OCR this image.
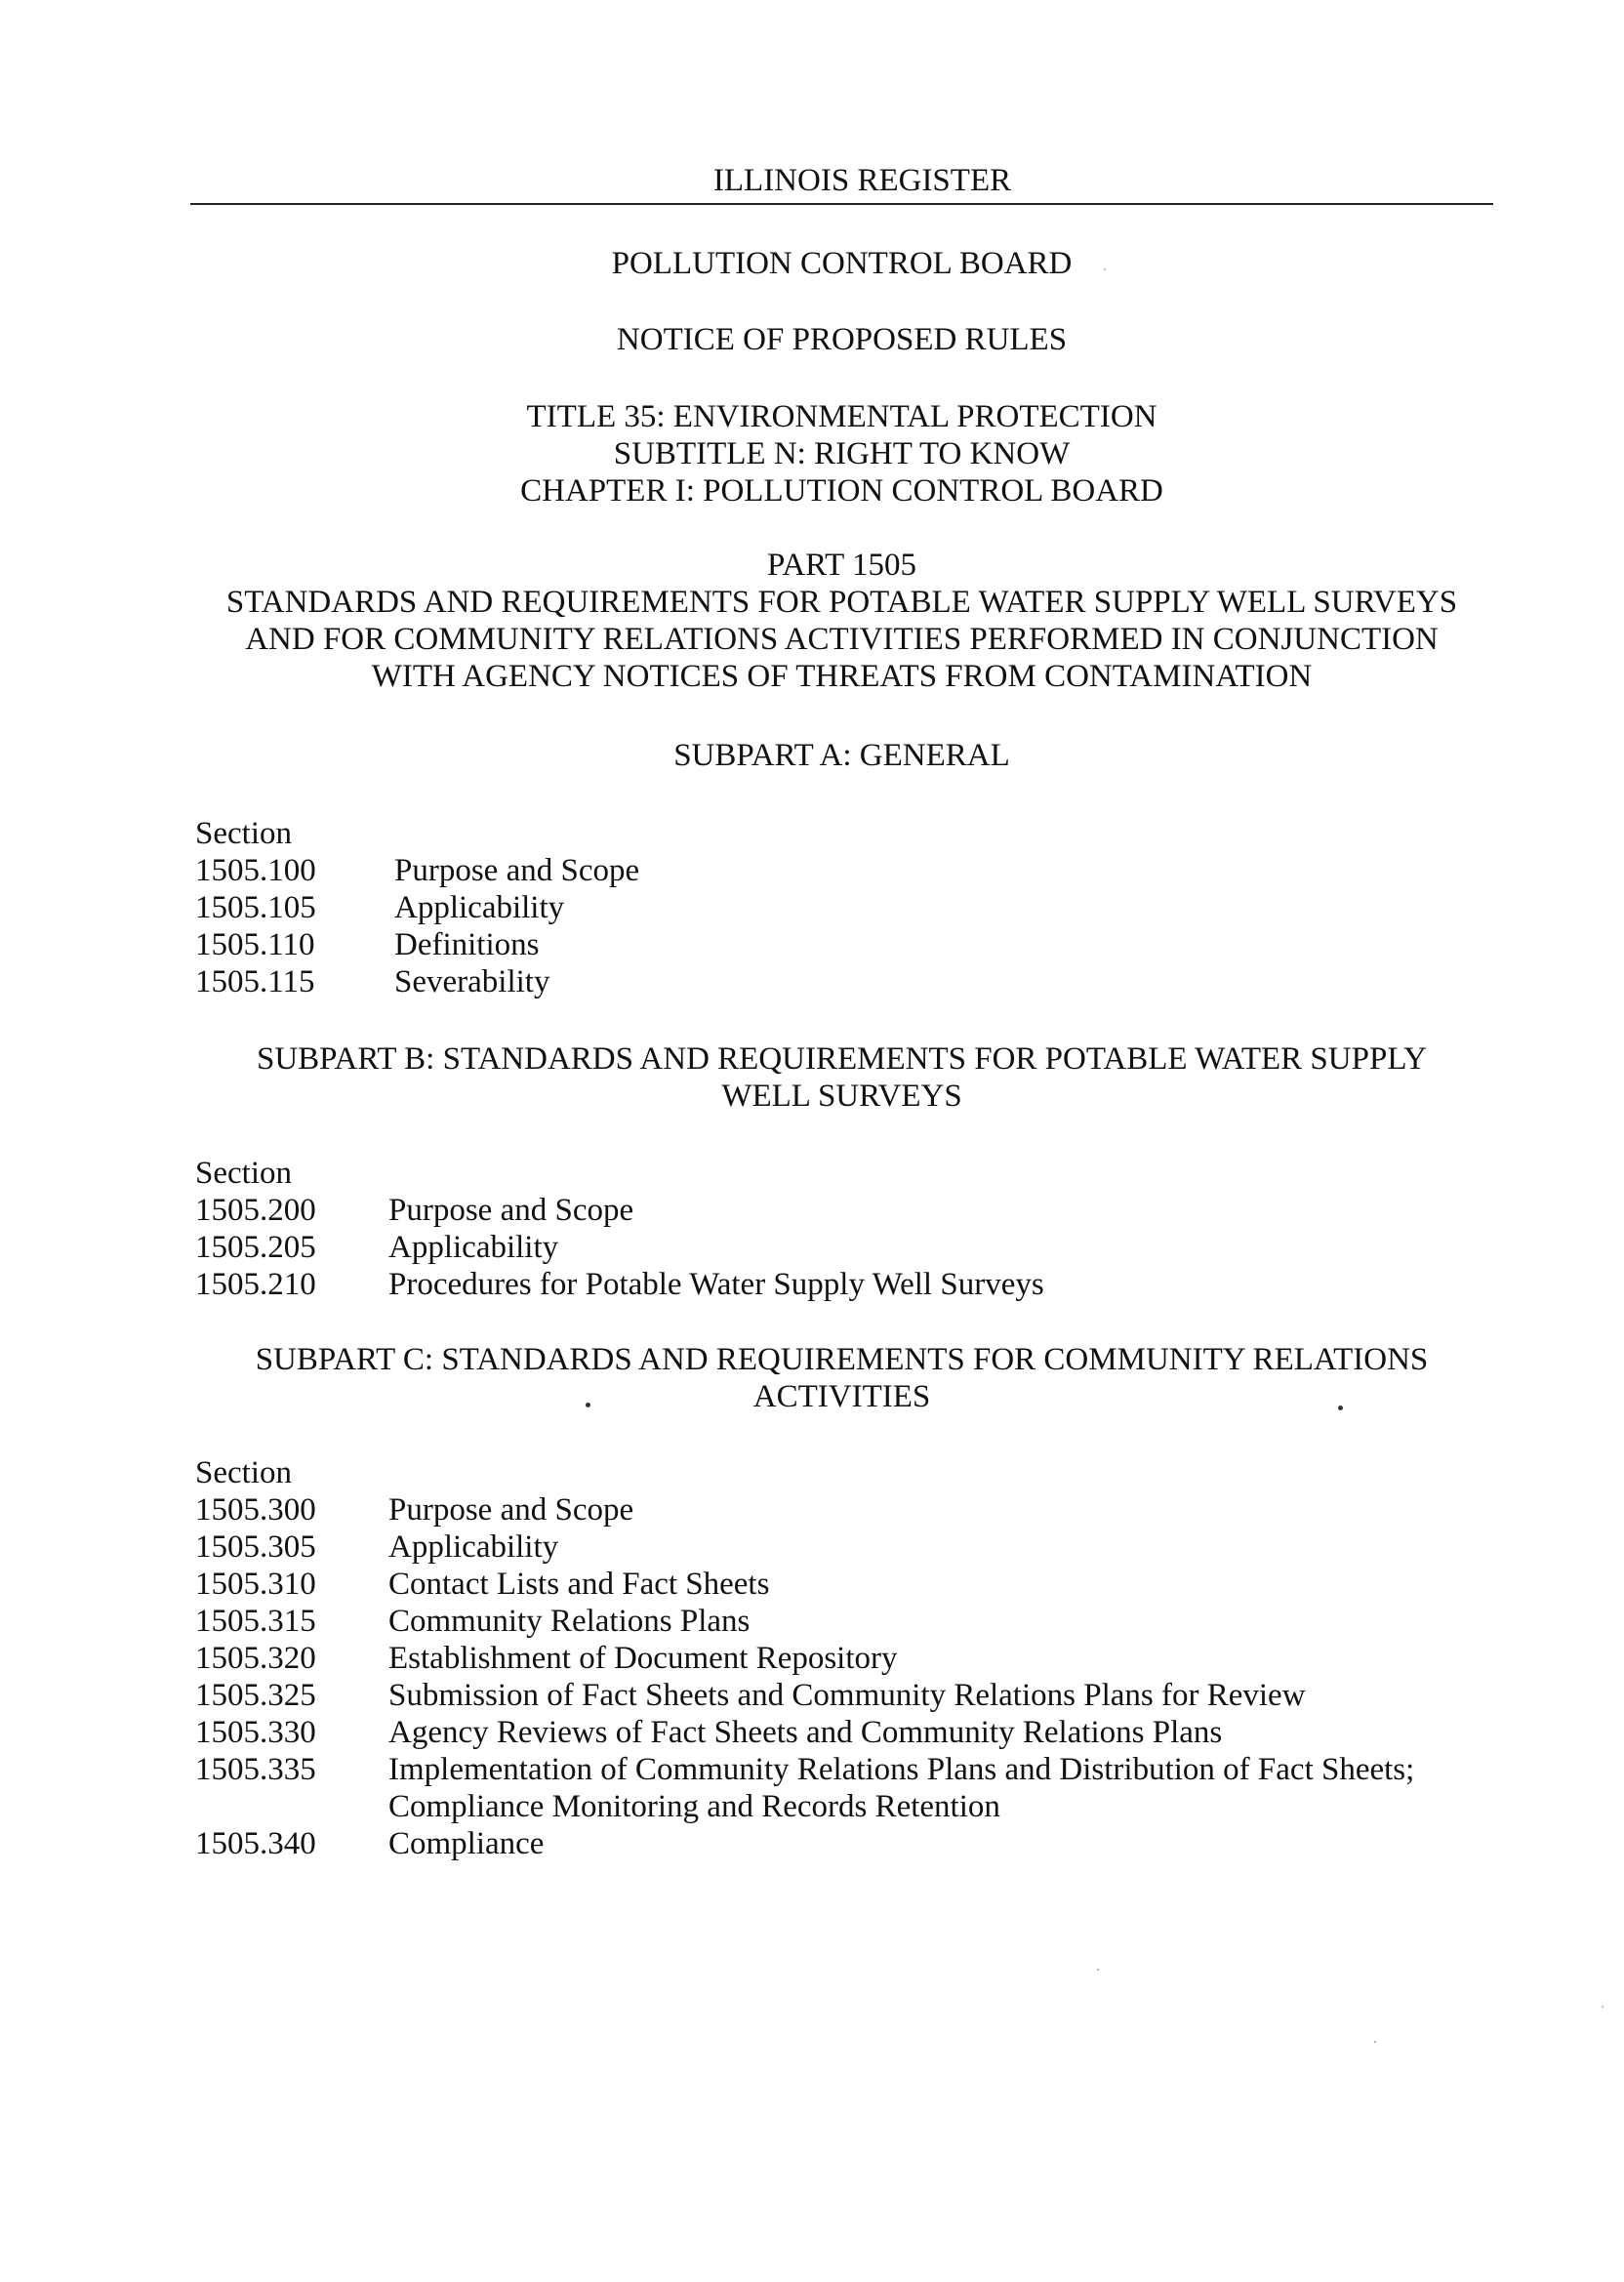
ILLINOIS REGISTER
POLLUTION CONTROL BOARD
NOTICE OF PROPOSED RULES
TITLE 35: ENVIRONMENTAL PROTECTION
SUBTITLE N: RIGHT TO KNOW
CHAPTER I: POLLUTION CONTROL BOARD
PART 1505
STANDARDS AND REQUIREMENTS FOR POTABLE WATER SUPPLY WELL SURVEYS
AND FOR COMMUNITY RELATIONS ACTIVITIES PERFORMED IN CONJUNCTION
WITH AGENCY NOTICES OF THREATS FROM CONTAMINATION
SUBPART A: GENERAL
Section
1505.100	Purpose and Scope
1505.105	Applicability
1505.110	Definitions
1505.115	Severability
SUBPART B: STANDARDS AND REQUIREMENTS FOR POTABLE WATER SUPPLY
WELL SURVEYS
Section
1505.200	Purpose and Scope
1505.205	Applicability
1505.210	Procedures for Potable Water Supply Well Surveys
SUBPART C: STANDARDS AND REQUIREMENTS FOR COMMUNITY RELATIONS
ACTIVITIES
Section
1505.300	Purpose and Scope
1505.305	Applicability
1505.310	Contact Lists and Fact Sheets
1505.315	Community Relations Plans
1505.320	Establishment of Document Repository
1505.325	Submission of Fact Sheets and Community Relations Plans for Review
1505.330	Agency Reviews of Fact Sheets and Community Relations Plans
1505.335	Implementation of Community Relations Plans and Distribution of Fact Sheets; Compliance Monitoring and Records Retention
1505.340	Compliance
